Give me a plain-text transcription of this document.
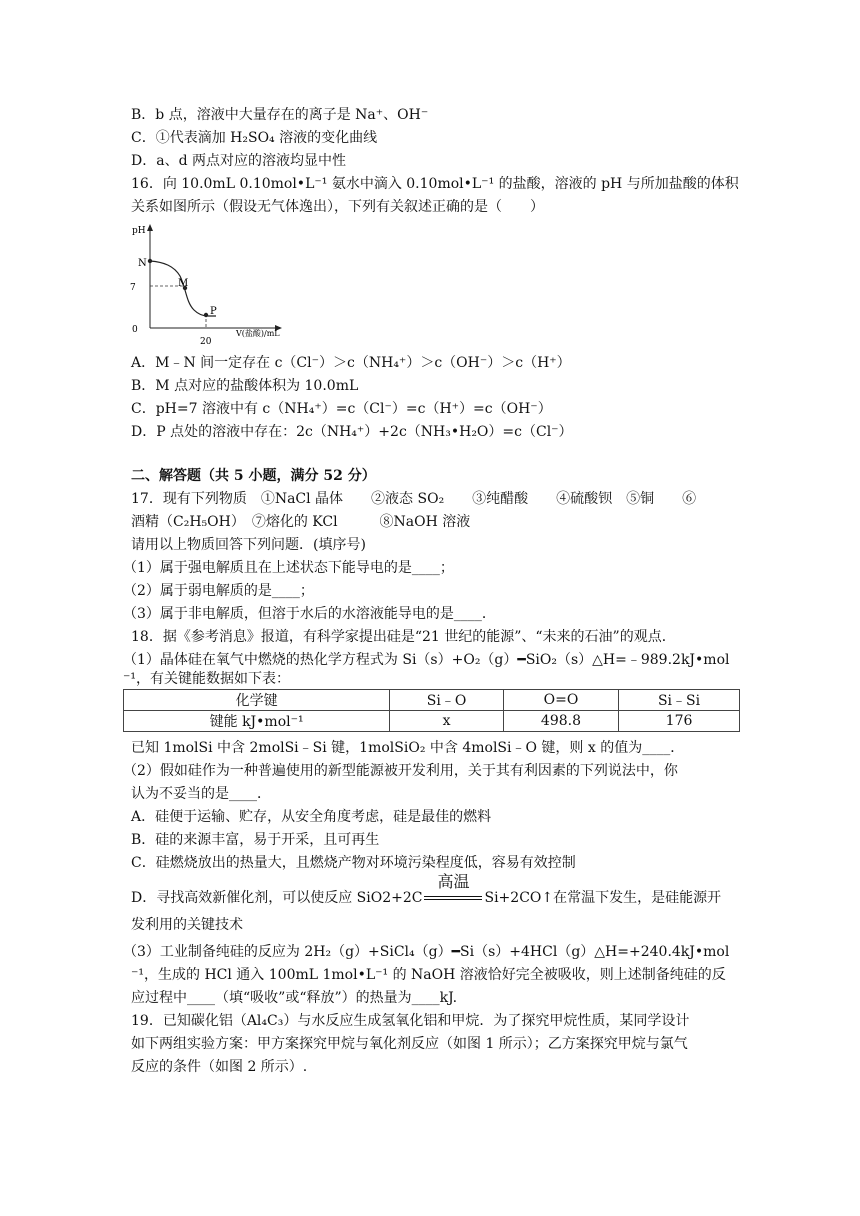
B．b 点，溶液中大量存在的离子是 Na⁺、OH⁻
C．①代表滴加 H₂SO₄ 溶液的变化曲线
D．a、d 两点对应的溶液均显中性
16．向 10.0mL 0.10mol•L⁻¹ 氨水中滴入 0.10mol•L⁻¹ 的盐酸，溶液的 pH 与所加盐酸的体积
关系如图所示（假设无气体逸出），下列有关叙述正确的是（　　）
pH
7
0
20
N
M
P
V(盐酸)/mL
A．M﹣N 间一定存在 c（Cl⁻）＞c（NH₄⁺）＞c（OH⁻）＞c（H⁺）
B．M 点对应的盐酸体积为 10.0mL
C．pH=7 溶液中有 c（NH₄⁺）=c（Cl⁻）=c（H⁺）=c（OH⁻）
D．P 点处的溶液中存在：2c（NH₄⁺）+2c（NH₃•H₂O）=c（Cl⁻）
二、解答题（共 5 小题，满分 52 分）
17．现有下列物质　①NaCl 晶体　　②液态 SO₂　　③纯醋酸　　④硫酸钡　⑤铜　　⑥
酒精（C₂H₅OH）　⑦熔化的 KCl　　　⑧NaOH 溶液
请用以上物质回答下列问题．(填序号)
（1）属于强电解质且在上述状态下能导电的是____；
（2）属于弱电解质的是____；
（3）属于非电解质，但溶于水后的水溶液能导电的是____．
18．据《参考消息》报道，有科学家提出硅是“21 世纪的能源”、“未来的石油”的观点．
（1）晶体硅在氧气中燃烧的热化学方程式为 Si（s）+O₂（g）━SiO₂（s）△H=﹣989.2kJ•mol
⁻¹，有关键能数据如下表：
化学键	Si﹣O	O=O	Si﹣Si
键能 kJ•mol⁻¹	x	498.8	176
已知 1molSi 中含 2molSi﹣Si 键，1molSiO₂ 中含 4molSi﹣O 键，则 x 的值为____．
（2）假如硅作为一种普遍使用的新型能源被开发利用，关于其有利因素的下列说法中，你
认为不妥当的是____．
A．硅便于运输、贮存，从安全角度考虑，硅是最佳的燃料
B．硅的来源丰富，易于开采，且可再生
C．硅燃烧放出的热量大，且燃烧产物对环境污染程度低，容易有效控制
D．寻找高效新催化剂，可以使反应 SiO2+2C
高温
Si+2CO↑在常温下发生，是硅能源开
发利用的关键技术
（3）工业制备纯硅的反应为 2H₂（g）+SiCl₄（g）━Si（s）+4HCl（g）△H=+240.4kJ•mol
⁻¹，生成的 HCl 通入 100mL 1mol•L⁻¹ 的 NaOH 溶液恰好完全被吸收，则上述制备纯硅的反
应过程中____（填“吸收”或“释放”）的热量为____kJ.
19．已知碳化铝（Al₄C₃）与水反应生成氢氧化铝和甲烷．为了探究甲烷性质，某同学设计
如下两组实验方案：甲方案探究甲烷与氧化剂反应（如图 1 所示）；乙方案探究甲烷与氯气
反应的条件（如图 2 所示）.
